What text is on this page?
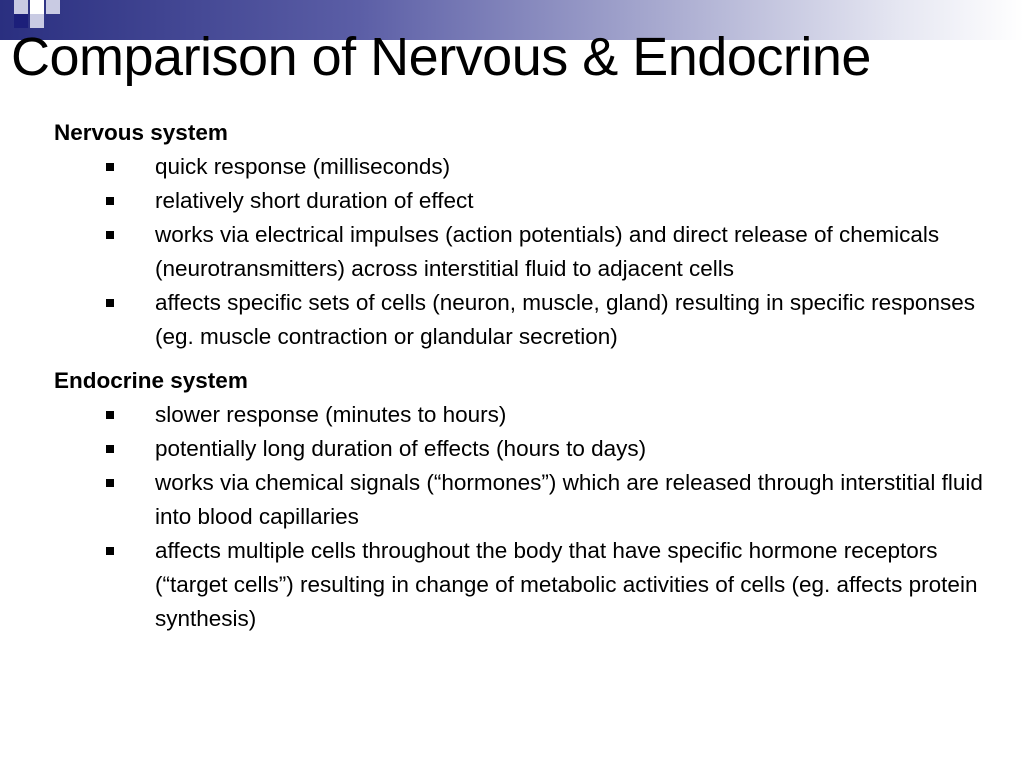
Comparison of Nervous & Endocrine

Nervous system

quick response (milliseconds)
relatively short duration of effect
works via electrical impulses (action potentials) and direct release of chemicals (neurotransmitters) across interstitial fluid to adjacent cells
affects specific sets of cells (neuron, muscle, gland) resulting in specific responses (eg. muscle contraction or glandular secretion)

Endocrine system

slower response (minutes to hours)
potentially long duration of effects (hours to days)
works via chemical signals (“hormones”) which are released through interstitial fluid into blood capillaries
affects multiple cells throughout the body that have specific hormone receptors (“target cells”) resulting in change of metabolic activities of cells (eg. affects protein synthesis)
